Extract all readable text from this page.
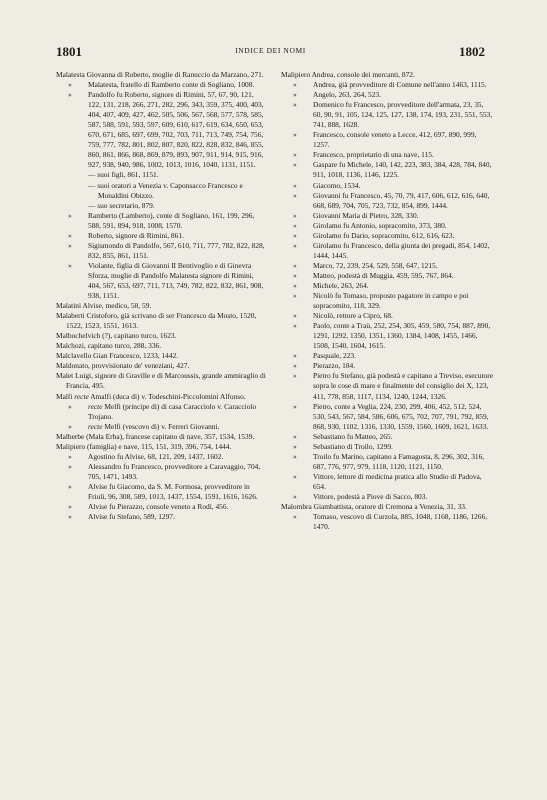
1801	INDICE DEI NOMI	1802
Malatesta Giovanna di Roberto, moglie di Ranuccio da Marzano, 271.
» Malatesta, fratello di Ramberto conte di Sogliano, 1008.
» Pandolfo fu Roberto, signore di Rimini, 57, 67, 90, 121, 122, 131, 218, 266, 271, 282, 296, 343, 359, 375, 400, 403, 404, 407, 409, 427, 462, 505, 506, 567, 568, 577, 578, 585, 587, 588, 591, 593, 597, 609, 610, 617, 619, 634, 650, 653, 670, 671, 685, 697, 699, 702, 703, 711, 713, 749, 754, 756, 759, 777, 782, 801, 802, 807, 820, 822, 828, 832, 846, 855, 860, 861, 866, 868, 869, 879, 893, 907, 911, 914, 915, 916, 927, 938, 940, 986, 1002, 1013, 1016, 1040, 1131, 1151.
— suoi figli, 861, 1151.
— suoi oratori a Venezia v. Caponsacco Francesco e Monaldini Obizzo.
— suo secretario, 879.
» Ramberto (Lamberto), conte di Sogliano, 161, 199, 296, 588, 591, 894, 918, 1008, 1570.
» Roberto, signore di Rimini, 861.
» Sigismondo di Pandolfo, 567, 610, 711, 777, 782, 822, 828, 832, 855, 861, 1151.
» Violante, figlia di Giovanni II Bentivoglio e di Ginevra Sforza, moglie di Pandolfo Malatesta signore di Rimini, 404, 567, 653, 697, 711, 713, 749, 782, 822, 832, 861, 908, 938, 1151.
Malatini Alvise, medico, 58, 59.
Malaberti Cristoforo, già scrivano di ser Francesco da Mosto, 1520, 1522, 1523, 1551, 1613.
Malbochelvich (?), capitano turco, 1623.
Malchozi, capitano turco, 288, 336.
Malclavello Gian Francesco, 1233, 1442.
Maldonato, provvisionato de' veneziani, 427.
Malet Luigi, signore di Graville e di Marcoussis, grande ammiraglio di Francia, 495.
Malfi recte Amalfi (duca di) v. Todeschini-Piccolomini Alfonso.
» recte Melfi (principe di) di casa Caracciolo v. Caracciolo Trojano.
» recte Melfi (vescovo di) v. Ferreri Giovanni.
Malherbe (Mala Erba), francese capitano di nave, 357, 1534, 1539.
Malipiero (famiglia) e nave, 115, 151, 319, 396, 754, 1444.
» Agostino fu Alvise, 68, 121, 209, 1437, 1602.
» Alessandro fu Francesco, provveditore a Caravaggio, 704, 705, 1471, 1493.
» Alvise fu Giacomo, da S. M. Formosa, provveditore in Friuli, 96, 308, 589, 1013, 1437, 1554, 1591, 1616, 1626.
» Alvise fu Pierazzo, console veneto a Rodi, 456.
» Alvise fu Stefano, 589, 1297.
Malipiero Andrea, console dei mercanti, 872.
» Andrea, già provveditore di Comune nell'anno 1463, 1115.
» Angelo, 263, 264, 523.
» Domenico fu Francesco, provveditore dell'armata, 23, 35, 60, 90, 91, 105, 124, 125, 127, 138, 174, 193, 231, 551, 553, 741, 888, 1628.
» Francesco, console veneto a Lecce, 412, 697, 890, 999, 1257.
» Francesco, proprietario di una nave, 115.
» Gaspare fu Michele, 140, 142, 223, 383, 384, 428, 784, 840, 911, 1018, 1136, 1146, 1225.
» Giacomo, 1534.
» Giovanni fu Francesco, 45, 70, 79, 417, 606, 612, 616, 640, 668, 689, 704, 705, 723, 732, 854, 899, 1444.
» Giovanni Maria di Pietro, 328, 330.
» Girolamo fu Antonio, sopracomito, 373, 380.
» Girolamo fu Dario, sopracomito, 612, 616, 623.
» Girolamo fu Francesco, della giunta dei pregadi, 854, 1402, 1444, 1445.
» Marco, 72, 239, 254, 529, 558, 647, 1215.
» Matteo, podestà di Muggia, 459, 595, 767, 864.
» Michele, 263, 264.
» Nicolò fu Tomaso, proposto pagatore in campo e poi sopracomito, 118, 329.
» Nicolò, rettore a Cipro, 68.
» Paolo, conte a Traù, 252, 254, 305, 459, 580, 754, 887, 890, 1291, 1292, 1350, 1351, 1360, 1384, 1408, 1455, 1466, 1508, 1540, 1604, 1615.
» Pasquale, 223.
» Pierazzo, 184.
» Pietro fu Stefano, già podestà e capitano a Treviso, esecutore sopra le cose di mare e finalmente del consiglio dei X, 123, 411, 778, 858, 1117, 1134, 1240, 1244, 1326.
» Pietro, conte a Veglia, 224, 230, 299, 406, 452, 512, 524, 530, 543, 567, 584, 586, 606, 675, 702, 707, 791, 792, 859, 868, 930, 1102, 1316, 1330, 1559, 1560, 1609, 1621, 1633.
» Sebastiano fu Matteo, 265.
» Sebastiano di Troilo, 1299.
» Troilo fu Marino, capitano a Famagosta, 8, 296, 302, 316, 687, 776, 977, 979, 1118, 1120, 1121, 1150.
» Vittore, lettore di medicina pratica allo Studio di Padova, 654.
» Vittore, podestà a Piove di Sacco, 803.
Malombra Giambattista, oratore di Cremona a Venezia, 31, 33.
» Tomaso, vescovo di Curzola, 885, 1048, 1168, 1186, 1266, 1470.
